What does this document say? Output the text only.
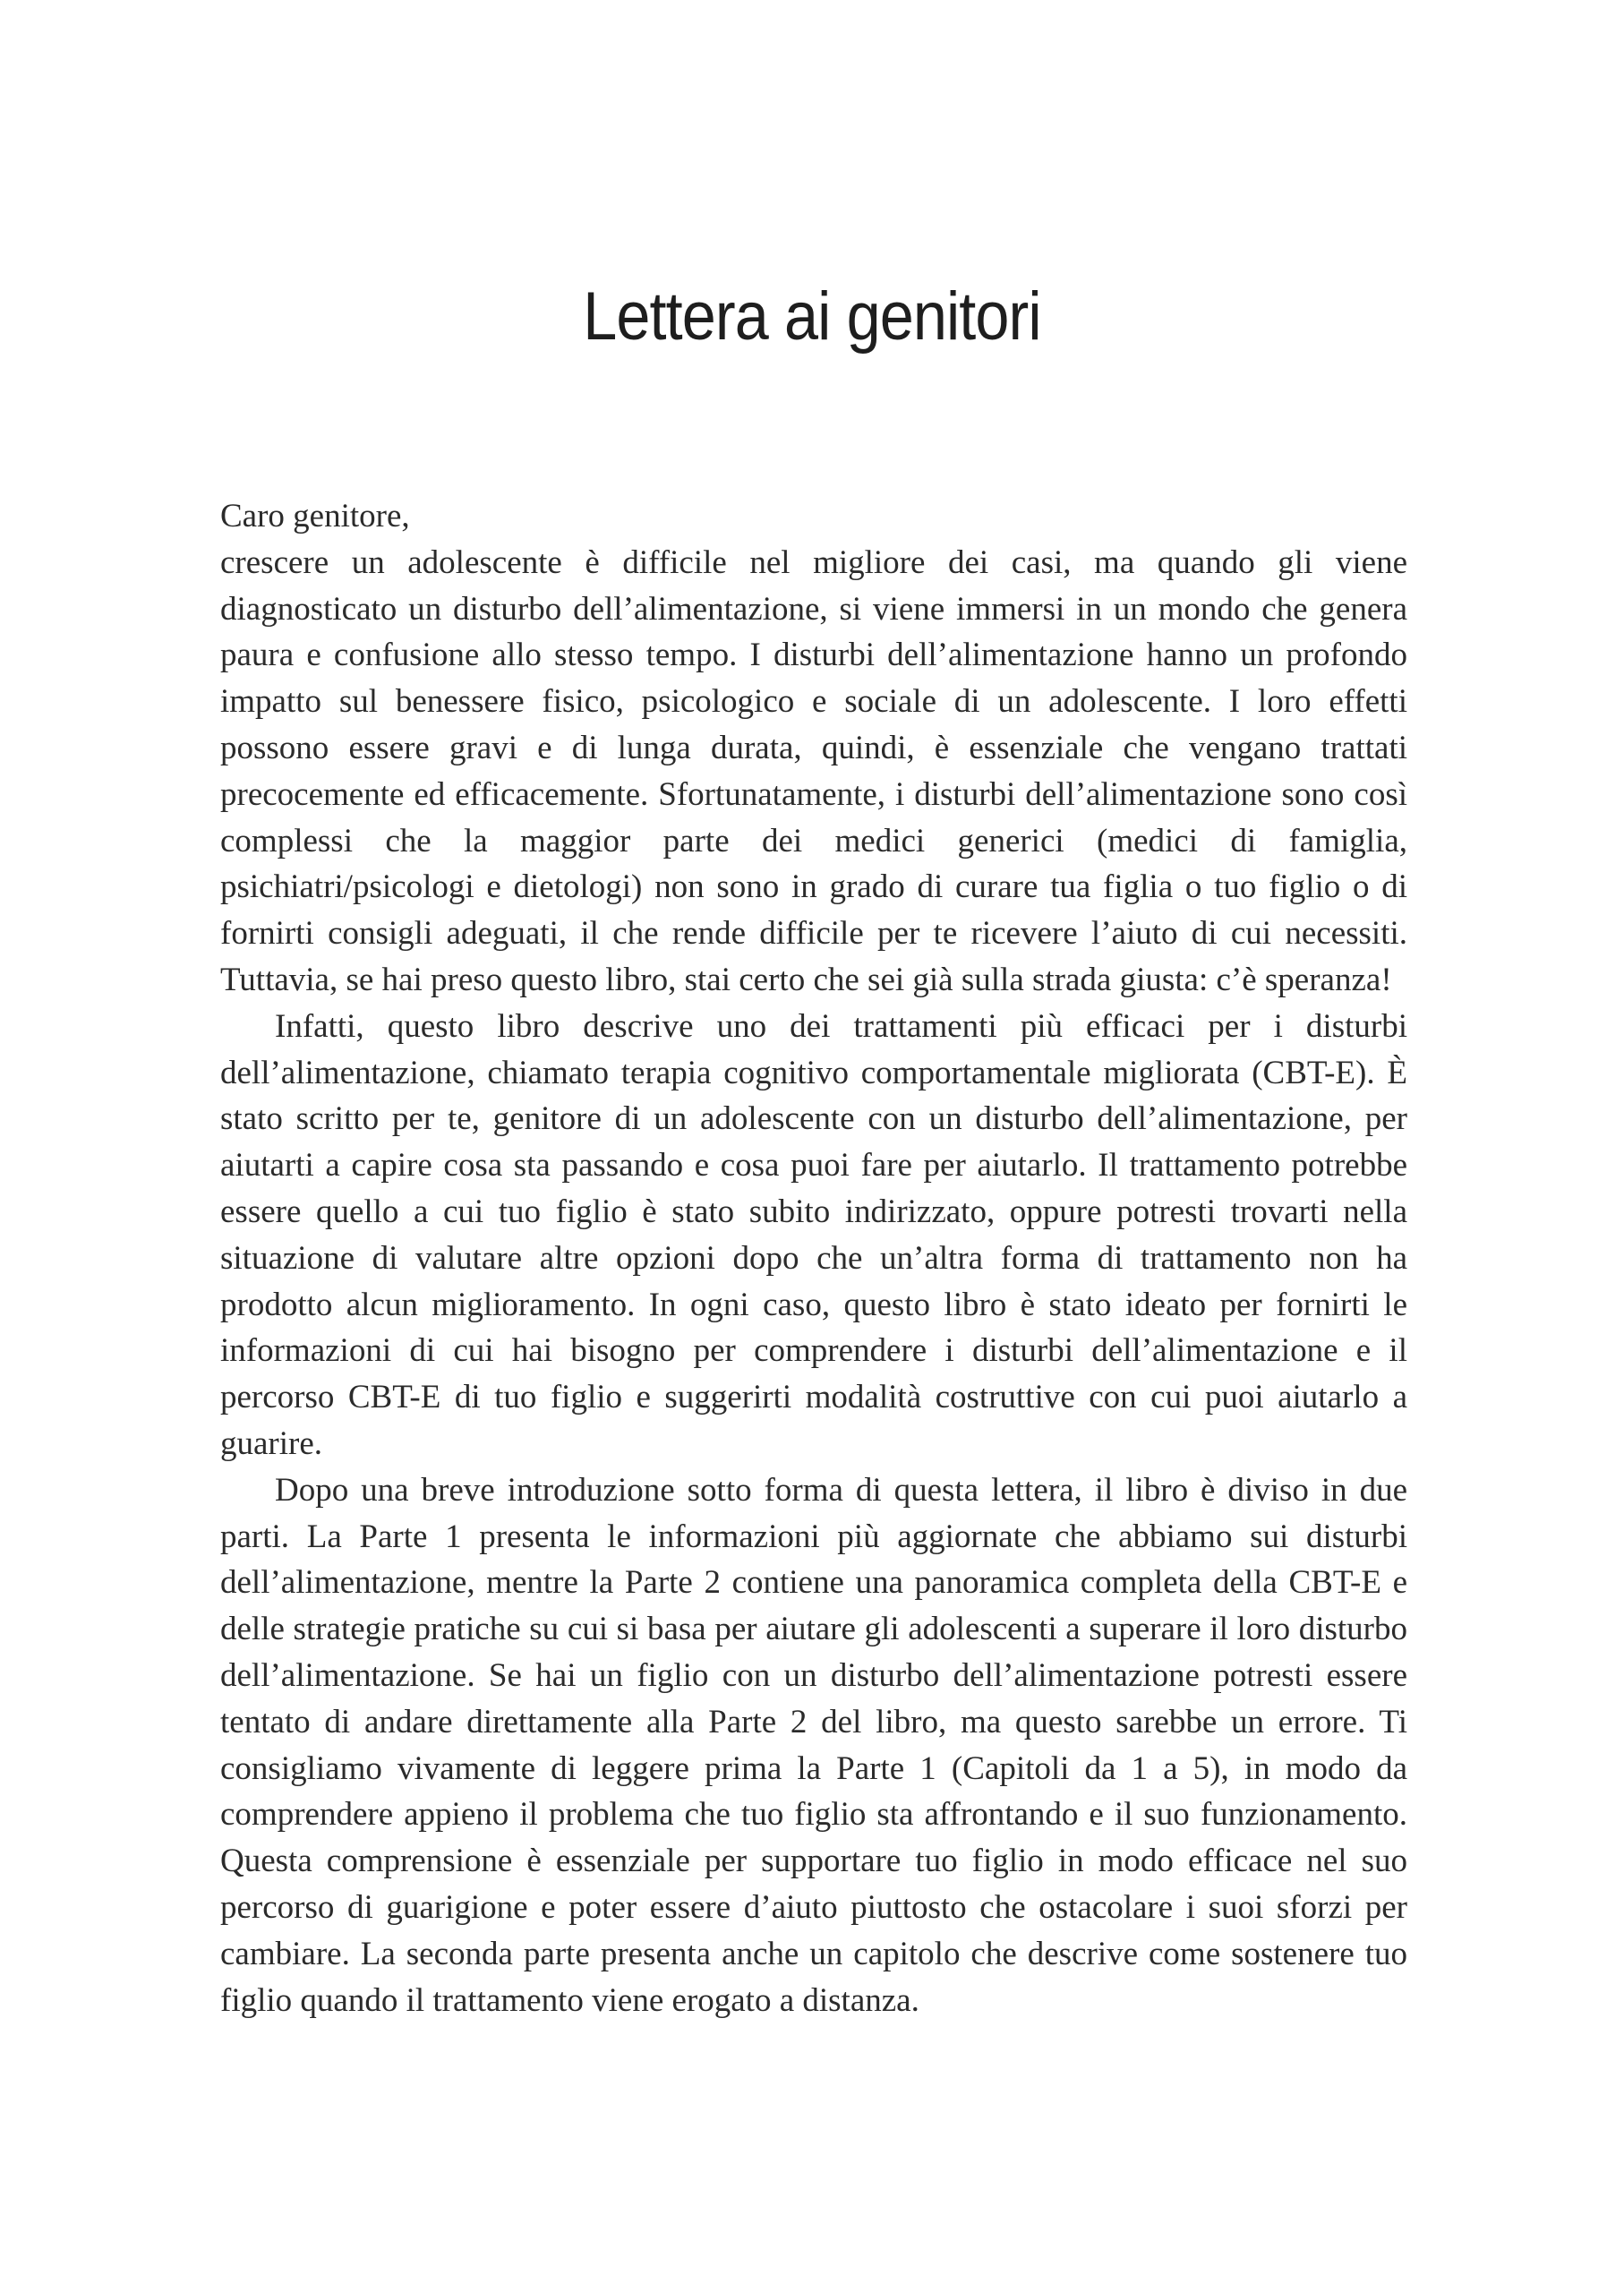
Lettera ai genitori

Caro genitore,

crescere un adolescente è difficile nel migliore dei casi, ma quando gli viene diagnosticato un disturbo dell’alimentazione, si viene immersi in un mondo che genera paura e confusione allo stesso tempo. I disturbi dell’alimentazione hanno un profondo impatto sul benessere fisico, psicologico e sociale di un adolescente. I loro effetti possono essere gravi e di lunga durata, quindi, è essenziale che vengano trattati precocemente ed efficacemente. Sfortunatamente, i disturbi dell’alimentazione sono così complessi che la maggior parte dei medici generici (medici di famiglia, psichiatri/psicologi e dietologi) non sono in grado di curare tua figlia o tuo figlio o di fornirti consigli adeguati, il che rende difficile per te ricevere l’aiuto di cui necessiti. Tuttavia, se hai preso questo libro, stai certo che sei già sulla strada giusta: c’è speranza!

Infatti, questo libro descrive uno dei trattamenti più efficaci per i disturbi dell’alimentazione, chiamato terapia cognitivo comportamentale migliorata (CBT-E). È stato scritto per te, genitore di un adolescente con un disturbo dell’alimentazione, per aiutarti a capire cosa sta passando e cosa puoi fare per aiutarlo. Il trattamento potrebbe essere quello a cui tuo figlio è stato subito indirizzato, oppure potresti trovarti nella situazione di valutare altre opzioni dopo che un’altra forma di trattamento non ha prodotto alcun miglioramento. In ogni caso, questo libro è stato ideato per fornirti le informazioni di cui hai bisogno per comprendere i disturbi dell’alimentazione e il percorso CBT-E di tuo figlio e suggerirti modalità costruttive con cui puoi aiutarlo a guarire.

Dopo una breve introduzione sotto forma di questa lettera, il libro è diviso in due parti. La Parte 1 presenta le informazioni più aggiornate che abbiamo sui disturbi dell’alimentazione, mentre la Parte 2 contiene una panoramica completa della CBT-E e delle strategie pratiche su cui si basa per aiutare gli adolescenti a superare il loro disturbo dell’alimentazione. Se hai un figlio con un disturbo dell’alimentazione potresti essere tentato di andare direttamente alla Parte 2 del libro, ma questo sarebbe un errore. Ti consigliamo vivamente di leggere prima la Parte 1 (Capitoli da 1 a 5), in modo da comprendere appieno il problema che tuo figlio sta affrontando e il suo funzionamento. Questa comprensione è essenziale per supportare tuo figlio in modo efficace nel suo percorso di guarigione e poter essere d’aiuto piuttosto che ostacolare i suoi sforzi per cambiare. La seconda parte presenta anche un capitolo che descrive come sostenere tuo figlio quando il trattamento viene erogato a distanza.
